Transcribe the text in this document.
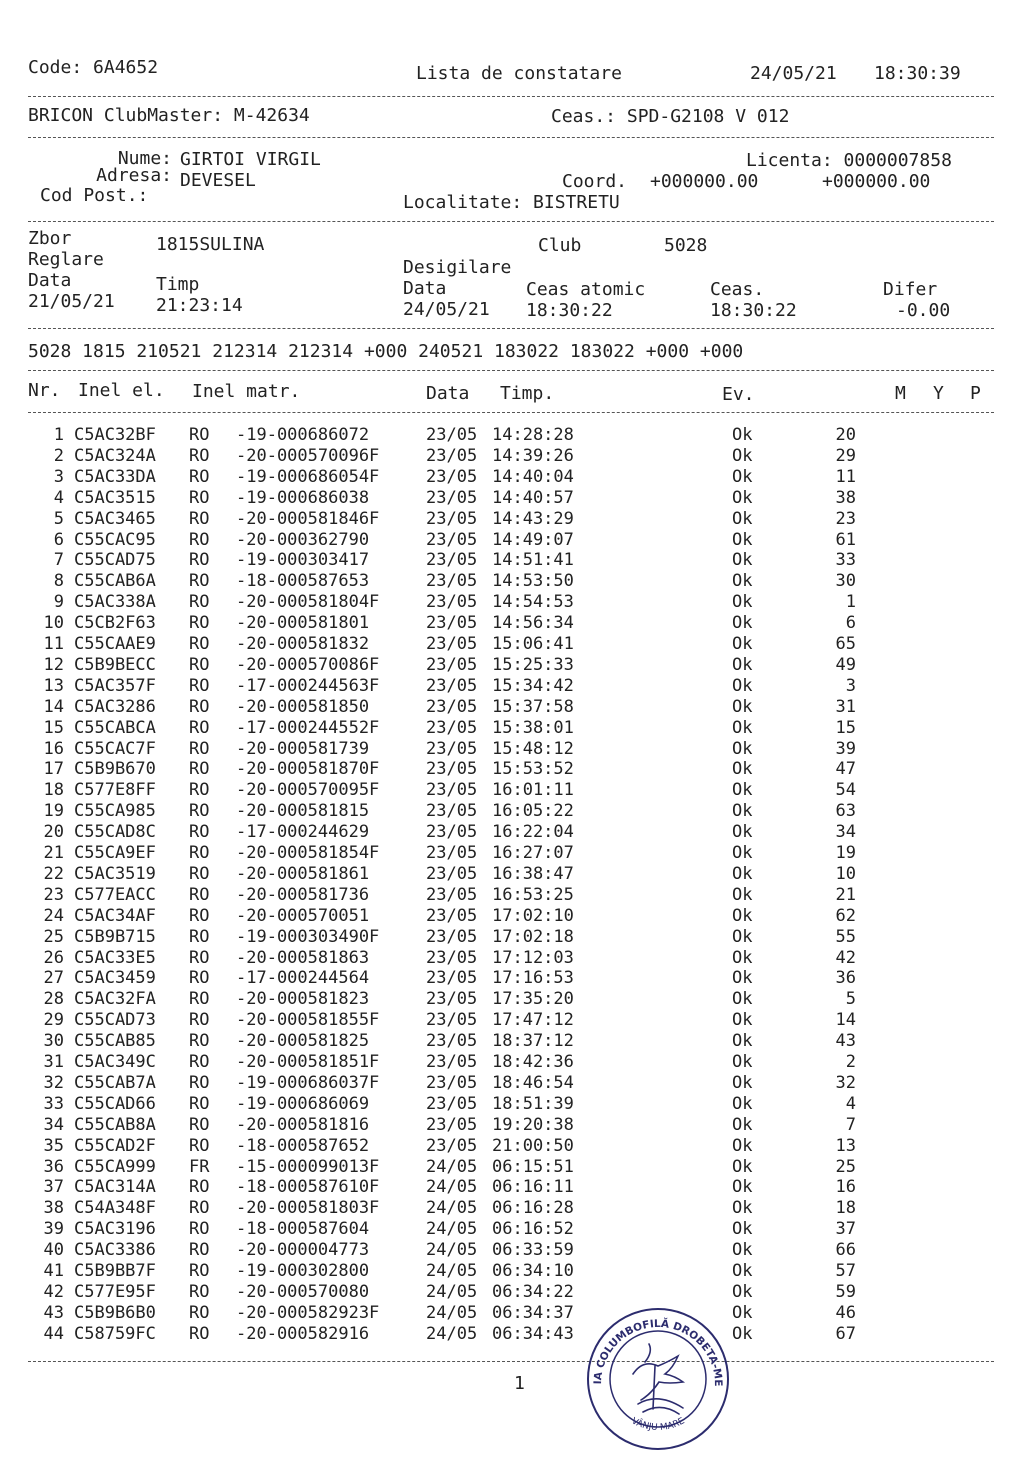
Code: 6A4652	Lista de constatare	24/05/21 18:30:39
BRICON ClubMaster: M-42634	Ceas.: SPD-G2108 V 012
Nume: GIRTOI VIRGIL	Licenta: 0000007858
Adresa: DEVESEL	Coord. +000000.00	+000000.00
Cod Post.:	Localitate: BISTRETU
Zbor	1815SULINA	Club	5028
Reglare	Desigilare
Data	Timp	Data	Ceas atomic	Ceas.	Difer
21/05/21 21:23:14	24/05/21 18:30:22	18:30:22	-0.00
5028 1815 210521 212314 212314 +000 240521 183022 183022 +000 +000
Nr. Inel el. Inel matr.	Data Timp.	Ev.	M Y P
1 C5AC32BF RO -19-000686072	23/05 14:28:28	Ok	20
2 C5AC324A RO -20-000570096F	23/05 14:39:26	Ok	29
3 C5AC33DA RO -19-000686054F	23/05 14:40:04	Ok	11
4 C5AC3515 RO -19-000686038	23/05 14:40:57	Ok	38
5 C5AC3465 RO -20-000581846F	23/05 14:43:29	Ok	23
6 C55CAC95 RO -20-000362790	23/05 14:49:07	Ok	61
7 C55CAD75 RO -19-000303417	23/05 14:51:41	Ok	33
8 C55CAB6A RO -18-000587653	23/05 14:53:50	Ok	30
9 C5AC338A RO -20-000581804F	23/05 14:54:53	Ok	1
10 C5CB2F63 RO -20-000581801	23/05 14:56:34	Ok	6
11 C55CAAE9 RO -20-000581832	23/05 15:06:41	Ok	65
12 C5B9BECC RO -20-000570086F	23/05 15:25:33	Ok	49
13 C5AC357F RO -17-000244563F	23/05 15:34:42	Ok	3
14 C5AC3286 RO -20-000581850	23/05 15:37:58	Ok	31
15 C55CABCA RO -17-000244552F	23/05 15:38:01	Ok	15
16 C55CAC7F RO -20-000581739	23/05 15:48:12	Ok	39
17 C5B9B670 RO -20-000581870F	23/05 15:53:52	Ok	47
18 C577E8FF RO -20-000570095F	23/05 16:01:11	Ok	54
19 C55CA985 RO -20-000581815	23/05 16:05:22	Ok	63
20 C55CAD8C RO -17-000244629	23/05 16:22:04	Ok	34
21 C55CA9EF RO -20-000581854F	23/05 16:27:07	Ok	19
22 C5AC3519 RO -20-000581861	23/05 16:38:47	Ok	10
23 C577EACC RO -20-000581736	23/05 16:53:25	Ok	21
24 C5AC34AF RO -20-000570051	23/05 17:02:10	Ok	62
25 C5B9B715 RO -19-000303490F	23/05 17:02:18	Ok	55
26 C5AC33E5 RO -20-000581863	23/05 17:12:03	Ok	42
27 C5AC3459 RO -17-000244564	23/05 17:16:53	Ok	36
28 C5AC32FA RO -20-000581823	23/05 17:35:20	Ok	5
29 C55CAD73 RO -20-000581855F	23/05 17:47:12	Ok	14
30 C55CAB85 RO -20-000581825	23/05 18:37:12	Ok	43
31 C5AC349C RO -20-000581851F	23/05 18:42:36	Ok	2
32 C55CAB7A RO -19-000686037F	23/05 18:46:54	Ok	32
33 C55CAD66 RO -19-000686069	23/05 18:51:39	Ok	4
34 C55CAB8A RO -20-000581816	23/05 19:20:38	Ok	7
35 C55CAD2F RO -18-000587652	23/05 21:00:50	Ok	13
36 C55CA999 FR -15-000099013F	24/05 06:15:51	Ok	25
37 C5AC314A RO -18-000587610F	24/05 06:16:11	Ok	16
38 C54A348F RO -20-000581803F	24/05 06:16:28	Ok	18
39 C5AC3196 RO -18-000587604	24/05 06:16:52	Ok	37
40 C5AC3386 RO -20-000004773	24/05 06:33:59	Ok	66
41 C5B9BB7F RO -19-000302800	24/05 06:34:10	Ok	57
42 C577E95F RO -20-000570080	24/05 06:34:22	Ok	59
43 C5B9B6B0 RO -20-000582923F	24/05 06:34:37	Ok	46
44 C58759FC RO -20-000582916	24/05 06:34:43	Ok	67
1	IA COLUMBOFILĂ DROBETA-ME
VÂNJU MARE
